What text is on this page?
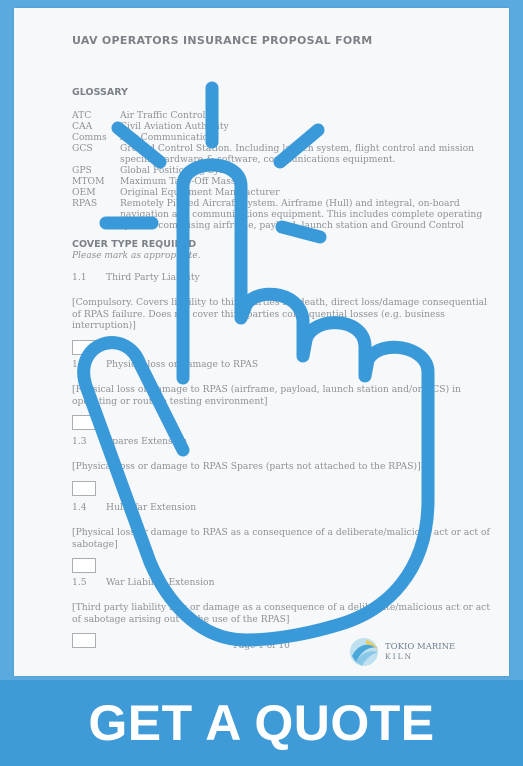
UAV OPERATORS INSURANCE PROPOSAL FORM
GLOSSARY
ATC	Air Traffic Control
CAA	Civil Aviation Authority
Comms	Any Communications
GCS	Ground Control Station. Including launch system, flight control and mission specific hardware & software, communications equipment.
GPS	Global Positioning System
MTOM	Maximum Take-Off Mass
OEM	Original Equipment Manufacturer
RPAS	Remotely Piloted Aircraft System. Airframe (Hull) and integral, on-board navigation and communications equipment. This includes complete operating system, comprising airframe, payload, launch station and Ground Control
COVER TYPE REQUIRED
Please mark as appropriate.
1.1	Third Party Liability
[Compulsory. Covers liability to third parties for death, direct loss/damage consequential of RPAS failure. Does not cover third parties consequential losses (e.g. business interruption)]
1.2	Physical loss or damage to RPAS
[Physical loss or damage to RPAS (airframe, payload, launch station and/or GCS) in operating or routine testing environment]
1.3	Spares Extension
[Physical loss or damage to RPAS Spares (parts not attached to the RPAS)]
1.4	Hull War Extension
[Physical loss or damage to RPAS as a consequence of a deliberate/malicious act or act of sabotage]
1.5	War Liability Extension
[Third party liability loss or damage as a consequence of a deliberate/malicious act or act of sabotage arising out of the use of the RPAS]
Page 1 of 10	TOKIO MARINE
KILN
GET A QUOTE
